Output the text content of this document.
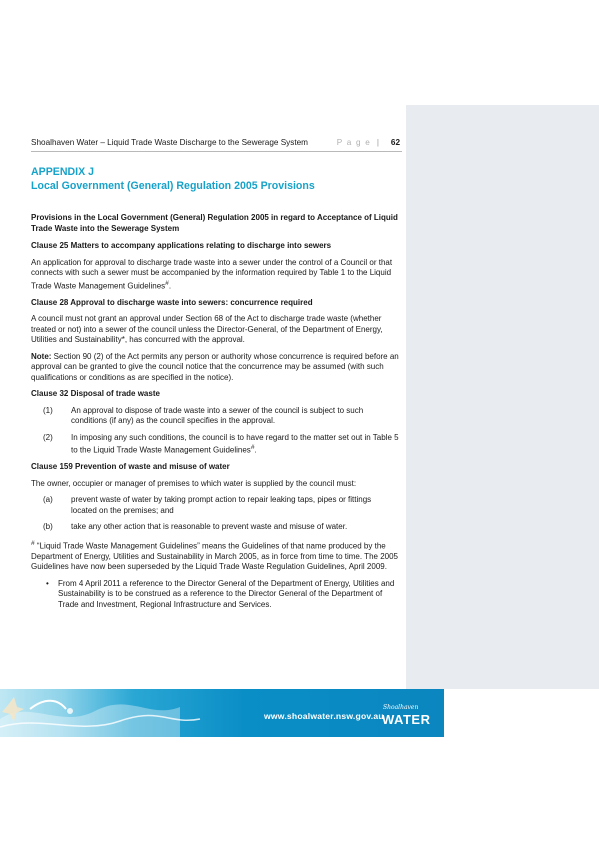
Shoalhaven Water – Liquid Trade Waste Discharge to the Sewerage System	P a g e | 62
APPENDIX J
Local Government (General) Regulation 2005 Provisions

Provisions in the Local Government (General) Regulation 2005 in regard to Acceptance of Liquid Trade Waste into the Sewerage System

Clause 25 Matters to accompany applications relating to discharge into sewers

An application for approval to discharge trade waste into a sewer under the control of a Council or that connects with such a sewer must be accompanied by the information required by Table 1 to the Liquid Trade Waste Management Guidelines#.

Clause 28 Approval to discharge waste into sewers: concurrence required

A council must not grant an approval under Section 68 of the Act to discharge trade waste (whether treated or not) into a sewer of the council unless the Director-General, of the Department of Energy, Utilities and Sustainability*, has concurred with the approval.

Note: Section 90 (2) of the Act permits any person or authority whose concurrence is required before an approval can be granted to give the council notice that the concurrence may be assumed (with such qualifications or conditions as are specified in the notice).

Clause 32 Disposal of trade waste

(1)	An approval to dispose of trade waste into a sewer of the council is subject to such conditions (if any) as the council specifies in the approval.
(2)	In imposing any such conditions, the council is to have regard to the matter set out in Table 5 to the Liquid Trade Waste Management Guidelines#.

Clause 159 Prevention of waste and misuse of water

The owner, occupier or manager of premises to which water is supplied by the council must:

(a)	prevent waste of water by taking prompt action to repair leaking taps, pipes or fittings located on the premises; and
(b)	take any other action that is reasonable to prevent waste and misuse of water.

# “Liquid Trade Waste Management Guidelines” means the Guidelines of that name produced by the Department of Energy, Utilities and Sustainability in March 2005, as in force from time to time. The 2005 Guidelines have now been superseded by the Liquid Trade Waste Regulation Guidelines, April 2009.

•	From 4 April 2011 a reference to the Director General of the Department of Energy, Utilities and Sustainability is to be construed as a reference to the Director General of the Department of Trade and Investment, Regional Infrastructure and Services.
www.shoalwater.nsw.gov.au
Shoalhaven
WATER
